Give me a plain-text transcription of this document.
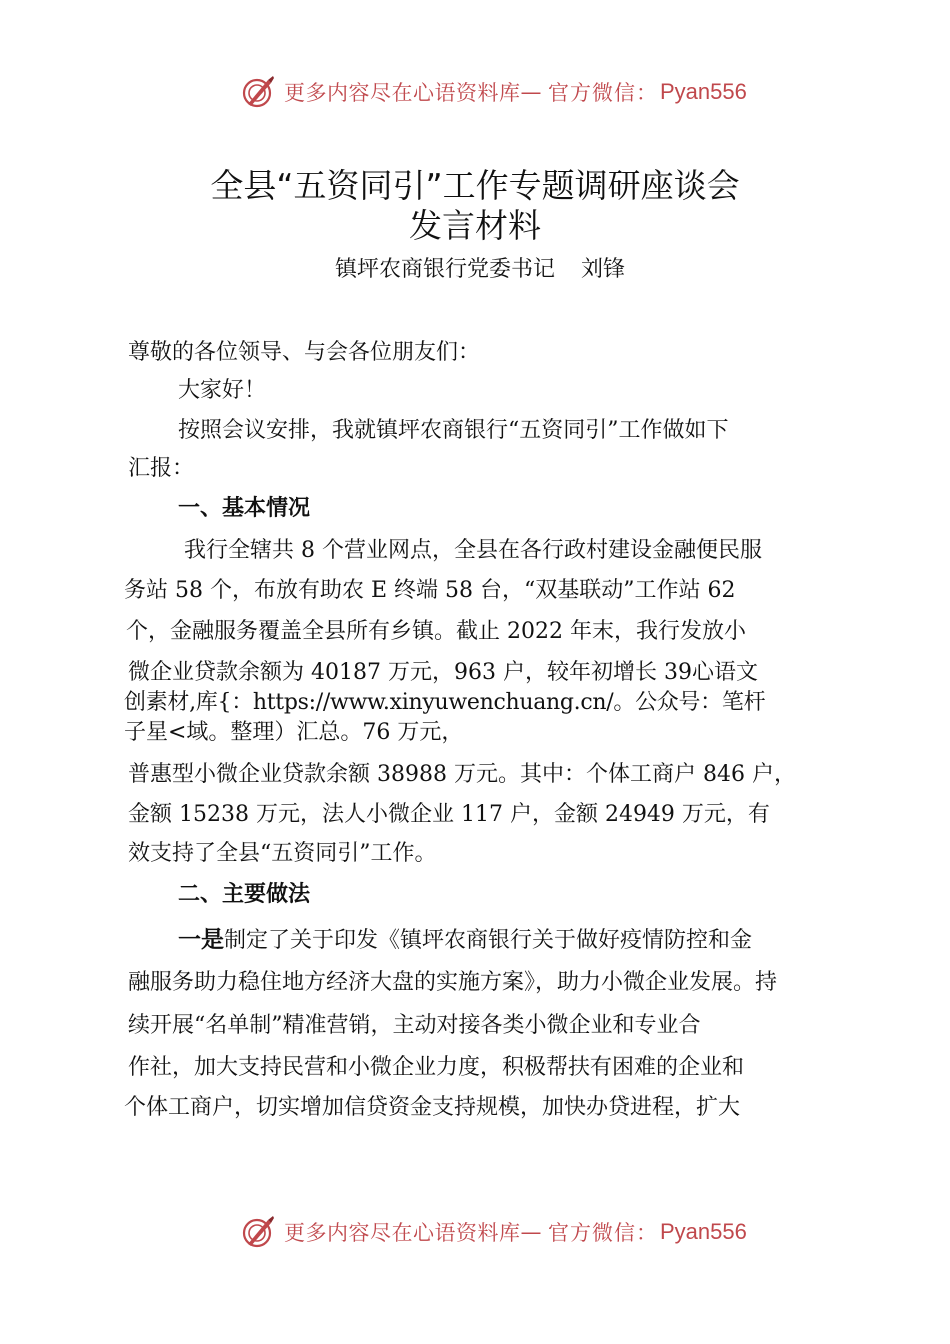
更多内容尽在心语资料库 — 官方微信： Pyan556
全县“五资同引”工作专题调研座谈会
发言材料
镇坪农商银行党委书记 刘锋
尊敬的各位领导、与会各位朋友们：
大家好！
按照会议安排，我就镇坪农商银行“五资同引”工作做如下
汇报：
一、基本情况
我行全辖共 8 个营业网点，全县在各行政村建设金融便民服
务站 58 个，布放有助农 E 终端 58 台，“双基联动”工作站 62
个，金融服务覆盖全县所有乡镇。截止 2022 年末，我行发放小
微企业贷款余额为 40187 万元，963 户，较年初增长 39心语文
创素材,库{：https://www.xinyuwenchuang.cn/。公众号：笔杆
子星<域。整理）汇总。76 万元，
普惠型小微企业贷款余额 38988 万元。其中：个体工商户 846 户，
金额 15238 万元，法人小微企业 117 户，金额 24949 万元，有
效支持了全县“五资同引”工作。
二、主要做法
一是制定了关于印发《镇坪农商银行关于做好疫情防控和金
融服务助力稳住地方经济大盘的实施方案》，助力小微企业发展。持
续开展“名单制”精准营销，主动对接各类小微企业和专业合
作社，加大支持民营和小微企业力度，积极帮扶有困难的企业和
个体工商户，切实增加信贷资金支持规模，加快办贷进程，扩大
更多内容尽在心语资料库 — 官方微信： Pyan556
